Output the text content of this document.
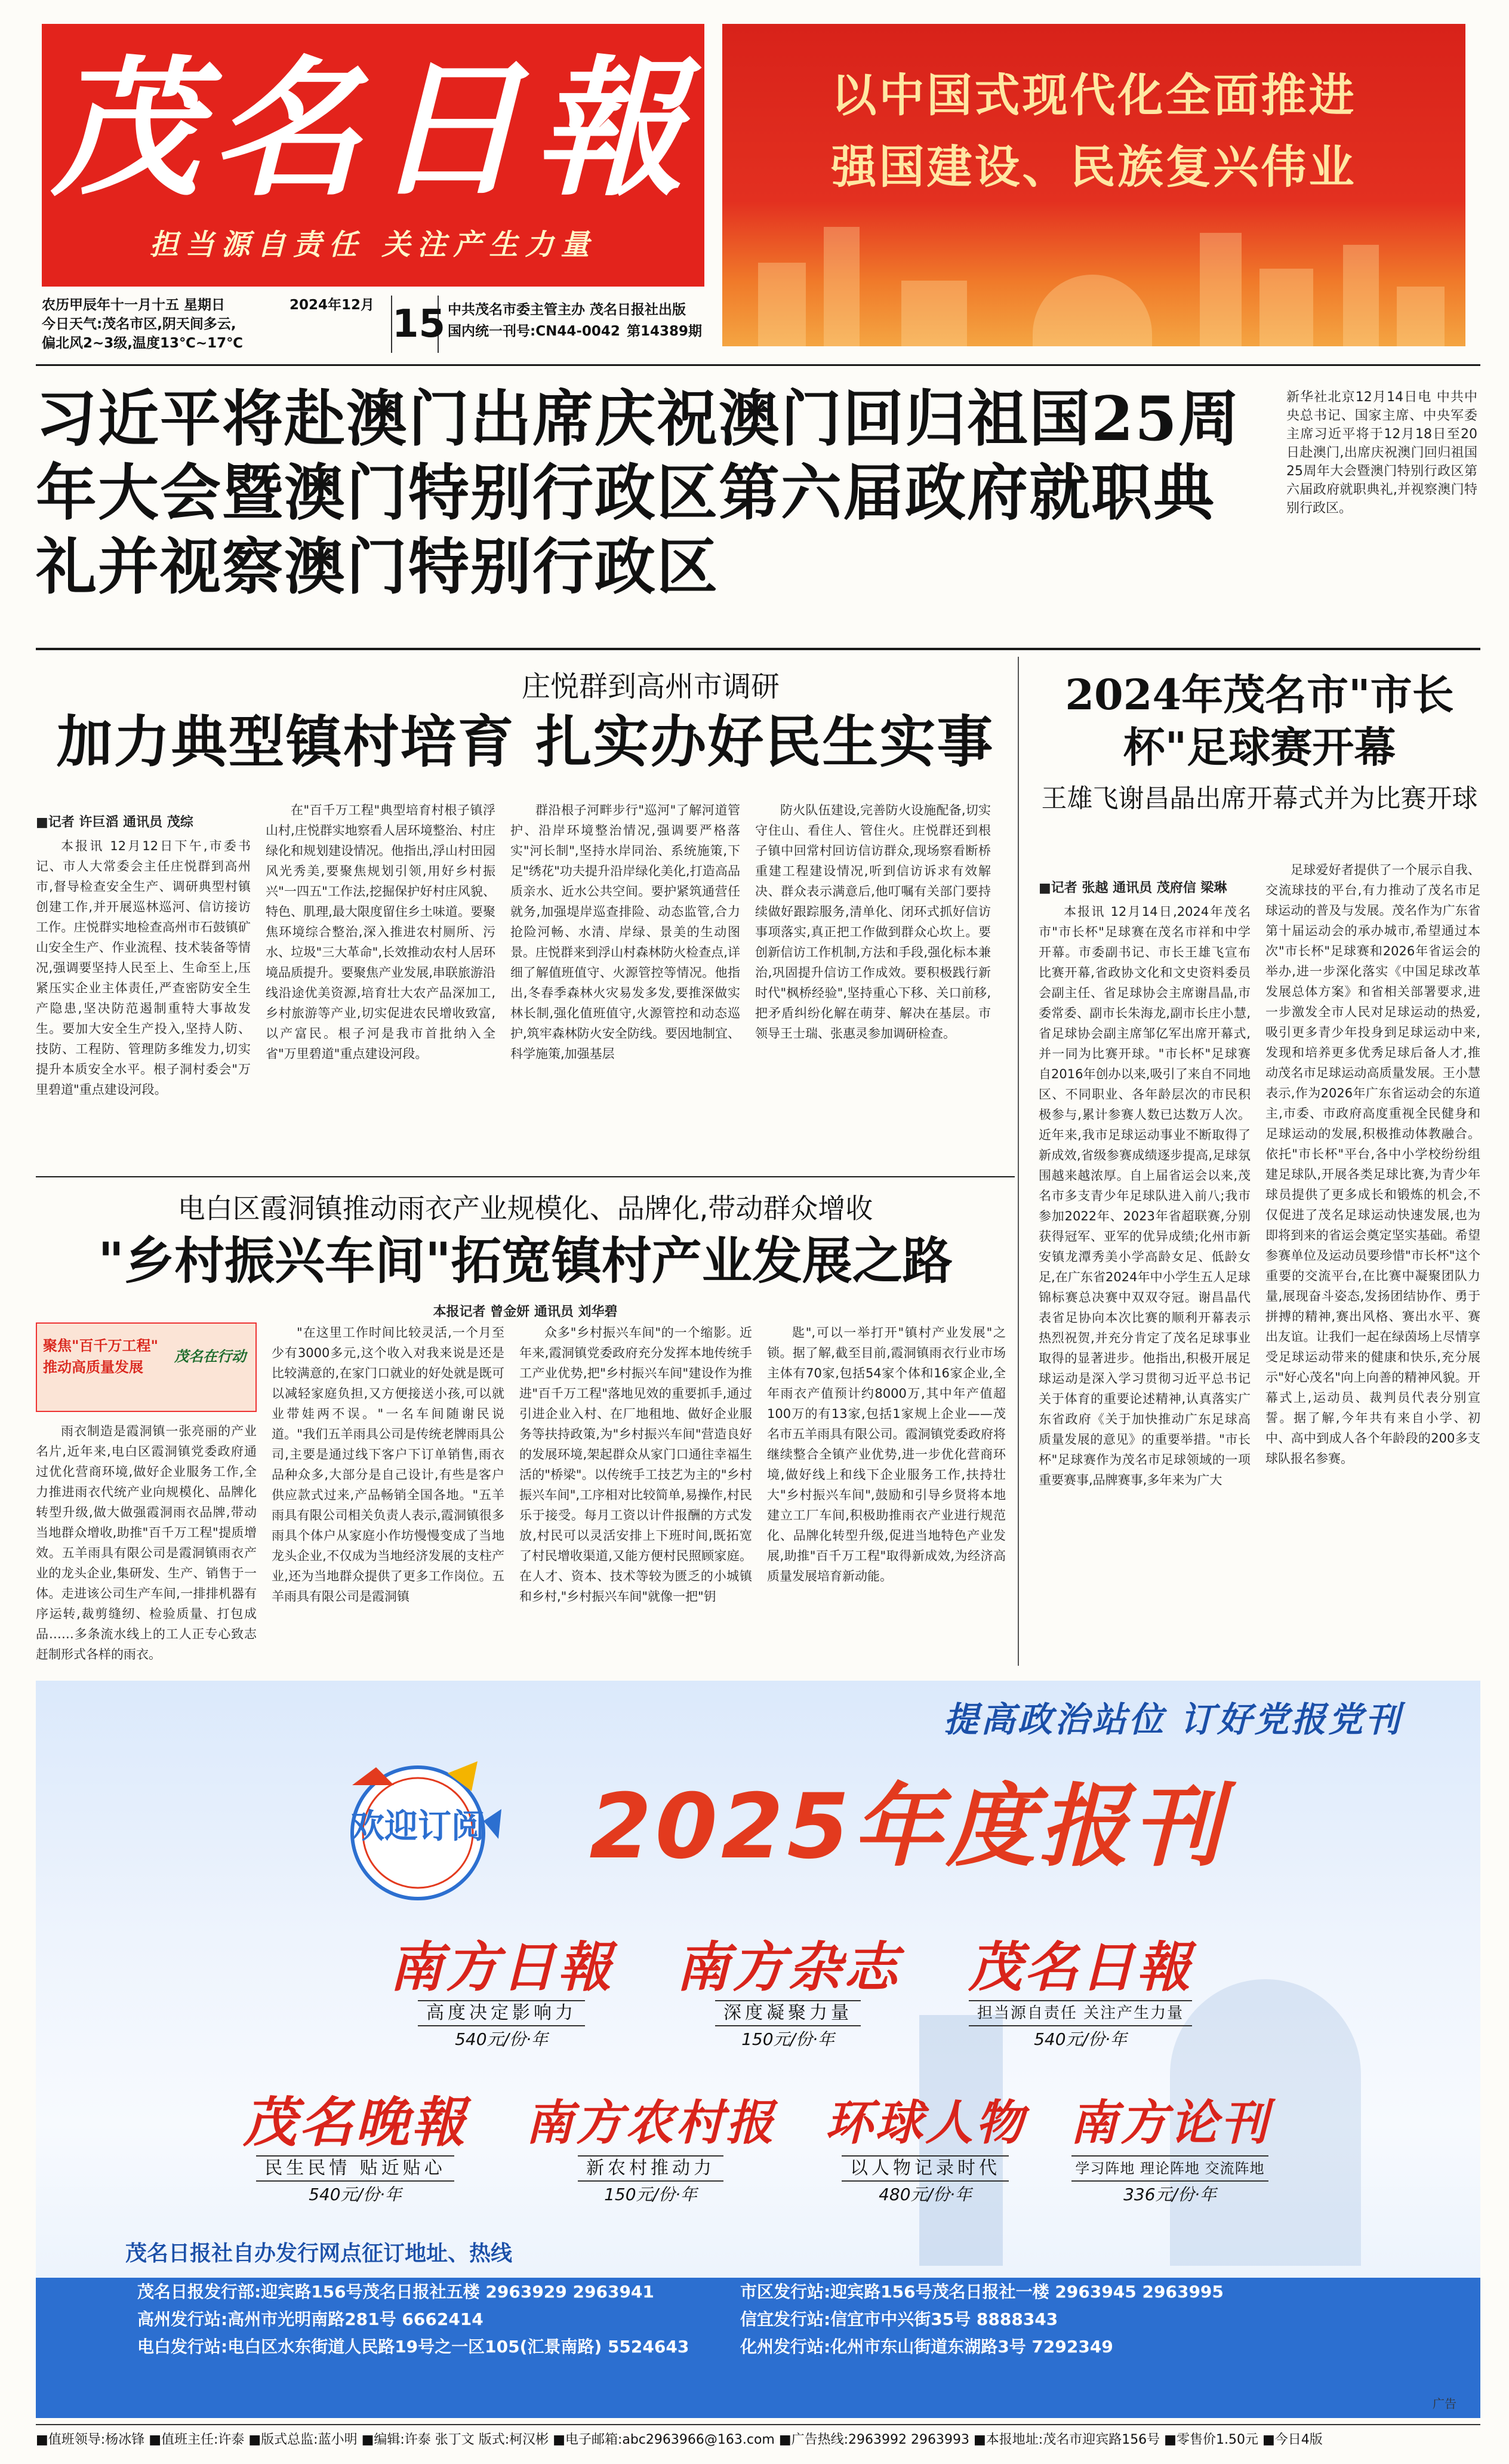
茂名日報
担当源自责任 关注产生力量
以中国式现代化全面推进
强国建设、民族复兴伟业
农历甲辰年十一月十五 星期日	2024年12月
今日天气:茂名市区,阴天间多云,
偏北风2~3级,温度13℃~17℃	15 中共茂名市委主管主办 茂名日报社出版
国内统一刊号:CN44-0042 第14389期
习近平将赴澳门出席庆祝澳门回归祖国25周年大会暨澳门特别行政区第六届政府就职典礼并视察澳门特别行政区
新华社北京12月14日电 中共中央总书记、国家主席、中央军委主席习近平将于12月18日至20日赴澳门,出席庆祝澳门回归祖国25周年大会暨澳门特别行政区第六届政府就职典礼,并视察澳门特别行政区。
庄悦群到高州市调研
加力典型镇村培育 扎实办好民生实事
■记者 许巨滔 通讯员 茂综

本报讯 12月12日下午,市委书记、市人大常委会主任庄悦群到高州市,督导检查安全生产、调研典型村镇创建工作,并开展巡林巡河、信访接访工作。庄悦群实地检查高州市石鼓镇矿山安全生产、作业流程、技术装备等情况,强调要坚持人民至上、生命至上,压紧压实企业主体责任,严查密防安全生产隐患,坚决防范遏制重特大事故发生。要加大安全生产投入,坚持人防、技防、工程防、管理防多维发力,切实提升本质安全水平。根子洞村委会"万里碧道"重点建设河段。

在"百千万工程"典型培育村根子镇浮山村,庄悦群实地察看人居环境整治、村庄绿化和规划建设情况。他指出,浮山村田园风光秀美,要聚焦规划引领,用好乡村振兴"一四五"工作法,挖掘保护好村庄风貌、特色、肌理,最大限度留住乡土味道。要聚焦环境综合整治,深入推进农村厕所、污水、垃圾"三大革命",长效推动农村人居环境品质提升。要聚焦产业发展,串联旅游沿线沿途优美资源,培育壮大农产品深加工,乡村旅游等产业,切实促进农民增收致富,以产富民。根子河是我市首批纳入全省"万里碧道"重点建设河段。

群沿根子河畔步行"巡河"了解河道管护、沿岸环境整治情况,强调要严格落实"河长制",坚持水岸同治、系统施策,下足"绣花"功夫提升沿岸绿化美化,打造高品质亲水、近水公共空间。要护紧筑通营任就务,加强堤岸巡查排险、动态监管,合力抢险河畅、水清、岸绿、景美的生动图景。庄悦群来到浮山村森林防火检查点,详细了解值班值守、火源管控等情况。他指出,冬春季森林火灾易发多发,要推深做实林长制,强化值班值守,火源管控和动态巡护,筑牢森林防火安全防线。要因地制宜、科学施策,加强基层

防火队伍建设,完善防火设施配备,切实守住山、看住人、管住火。庄悦群还到根子镇中回常村回访信访群众,现场察看断桥重建工程建设情况,听到信访诉求有效解决、群众表示满意后,他叮嘱有关部门要持续做好跟踪服务,清单化、闭环式抓好信访事项落实,真正把工作做到群众心坎上。要创新信访工作机制,方法和手段,强化标本兼治,巩固提升信访工作成效。要积极践行新时代"枫桥经验",坚持重心下移、关口前移,把矛盾纠纷化解在萌芽、解决在基层。市领导王士瑞、张惠灵参加调研检查。

2024年茂名市"市长杯"足球赛开幕
王雄飞谢昌晶出席开幕式并为比赛开球
■记者 张越 通讯员 茂府信 梁琳

本报讯 12月14日,2024年茂名市"市长杯"足球赛在茂名市祥和中学开幕。市委副书记、市长王雄飞宣布比赛开幕,省政协文化和文史资料委员会副主任、省足球协会主席谢昌晶,市委常委、副市长朱海龙,副市长庄小慧,省足球协会副主席邹亿军出席开幕式,并一同为比赛开球。"市长杯"足球赛自2016年创办以来,吸引了来自不同地区、不同职业、各年龄层次的市民积极参与,累计参赛人数已达数万人次。近年来,我市足球运动事业不断取得了新成效,省级参赛成绩逐步提高,足球氛围越来越浓厚。自上届省运会以来,茂名市多支青少年足球队进入前八;我市参加2022年、2023年省超联赛,分别获得冠军、亚军的优异成绩;化州市新安镇龙潭秀美小学高龄女足、低龄女足,在广东省2024年中小学生五人足球锦标赛总决赛中双双夺冠。谢昌晶代表省足协向本次比赛的顺利开幕表示热烈祝贺,并充分肯定了茂名足球事业取得的显著进步。他指出,积极开展足球运动是深入学习贯彻习近平总书记关于体育的重要论述精神,认真落实广东省政府《关于加快推动广东足球高质量发展的意见》的重要举措。"市长杯"足球赛作为茂名市足球领域的一项重要赛事,品牌赛事,多年来为广大

足球爱好者提供了一个展示自我、交流球技的平台,有力推动了茂名市足球运动的普及与发展。茂名作为广东省第十届运动会的承办城市,希望通过本次"市长杯"足球赛和2026年省运会的举办,进一步深化落实《中国足球改革发展总体方案》和省相关部署要求,进一步激发全市人民对足球运动的热爱,吸引更多青少年投身到足球运动中来,发现和培养更多优秀足球后备人才,推动茂名市足球运动高质量发展。王小慧表示,作为2026年广东省运动会的东道主,市委、市政府高度重视全民健身和足球运动的发展,积极推动体教融合。依托"市长杯"平台,各中小学校纷纷组建足球队,开展各类足球比赛,为青少年球员提供了更多成长和锻炼的机会,不仅促进了茂名足球运动快速发展,也为即将到来的省运会奠定坚实基础。希望参赛单位及运动员要珍惜"市长杯"这个重要的交流平台,在比赛中凝聚团队力量,展现奋斗姿态,发扬团结协作、勇于拼搏的精神,赛出风格、赛出水平、赛出友谊。让我们一起在绿茵场上尽情享受足球运动带来的健康和快乐,充分展示"好心茂名"向上向善的精神风貌。开幕式上,运动员、裁判员代表分别宣誓。据了解,今年共有来自小学、初中、高中到成人各个年龄段的200多支球队报名参赛。

电白区霞洞镇推动雨衣产业规模化、品牌化,带动群众增收
"乡村振兴车间"拓宽镇村产业发展之路
本报记者 曾金妍 通讯员 刘华碧
聚焦"百千万工程"
推动高质量发展
茂名在行动

雨衣制造是霞洞镇一张亮丽的产业名片,近年来,电白区霞洞镇党委政府通过优化营商环境,做好企业服务工作,全力推进雨衣代统产业向规模化、品牌化转型升级,做大做强霞洞雨衣品牌,带动当地群众增收,助推"百千万工程"提质增效。五羊雨具有限公司是霞洞镇雨衣产业的龙头企业,集研发、生产、销售于一体。走进该公司生产车间,一排排机器有序运转,裁剪缝纫、检验质量、打包成品……多条流水线上的工人正专心致志赶制形式各样的雨衣。

"在这里工作时间比较灵活,一个月至少有3000多元,这个收入对我来说是还是比较满意的,在家门口就业的好处就是既可以减轻家庭负担,又方便接送小孩,可以就业带娃两不误。"一名车间随谢民说道。"我们五羊雨具公司是传统老牌雨具公司,主要是通过线下客户下订单销售,雨衣品种众多,大部分是自己设计,有些是客户供应款式过来,产品畅销全国各地。"五羊雨具有限公司相关负责人表示,霞洞镇很多雨具个体户从家庭小作坊慢慢变成了当地龙头企业,不仅成为当地经济发展的支柱产业,还为当地群众提供了更多工作岗位。五羊雨具有限公司是霞洞镇

众多"乡村振兴车间"的一个缩影。近年来,霞洞镇党委政府充分发挥本地传统手工产业优势,把"乡村振兴车间"建设作为推进"百千万工程"落地见效的重要抓手,通过引进企业入村、在厂地租地、做好企业服务等扶持政策,为"乡村振兴车间"营造良好的发展环境,架起群众从家门口通往幸福生活的"桥梁"。以传统手工技艺为主的"乡村振兴车间",工序相对比较简单,易操作,村民乐于接受。每月工资以计件报酬的方式发放,村民可以灵活安排上下班时间,既拓宽了村民增收渠道,又能方便村民照顾家庭。在人才、资本、技术等较为匮乏的小城镇和乡村,"乡村振兴车间"就像一把"钥

匙",可以一举打开"镇村产业发展"之锁。据了解,截至目前,霞洞镇雨衣行业市场主体有70家,包括54家个体和16家企业,全年雨衣产值预计约8000万,其中年产值超100万的有13家,包括1家规上企业——茂名市五羊雨具有限公司。霞洞镇党委政府将继续整合全镇产业优势,进一步优化营商环境,做好线上和线下企业服务工作,扶持壮大"乡村振兴车间",鼓励和引导乡贤将本地建立工厂车间,积极助推雨衣产业进行规范化、品牌化转型升级,促进当地特色产业发展,助推"百千万工程"取得新成效,为经济高质量发展培育新动能。

提高政治站位 订好党报党刊
欢迎订阅	2025年度报刊
南方日報
高度决定影响力
540元/份·年
南方杂志
深度凝聚力量
150元/份·年
茂名日報
担当源自责任 关注产生力量
540元/份·年
茂名晚報
民生民情 贴近贴心
540元/份·年
南方农村报
新农村推动力
150元/份·年
环球人物
以人物记录时代
480元/份·年
南方论刊
学习阵地 理论阵地 交流阵地
336元/份·年
茂名日报社自办发行网点征订地址、热线
茂名日报发行部:迎宾路156号茂名日报社五楼 2963929 2963941
高州发行站:高州市光明南路281号 6662414
电白发行站:电白区水东街道人民路19号之一区105(汇景南路) 5524643
市区发行站:迎宾路156号茂名日报社一楼 2963945 2963995
信宜发行站:信宜市中兴街35号 8888343
化州发行站:化州市东山街道东湖路3号 7292349
广告
■值班领导:杨冰锋 ■值班主任:许泰 ■版式总监:蓝小明 ■编辑:许泰 张丁文 版式:柯汉彬 ■电子邮箱:abc2963966@163.com ■广告热线:2963992 2963993 ■本报地址:茂名市迎宾路156号 ■零售价1.50元 ■今日4版
